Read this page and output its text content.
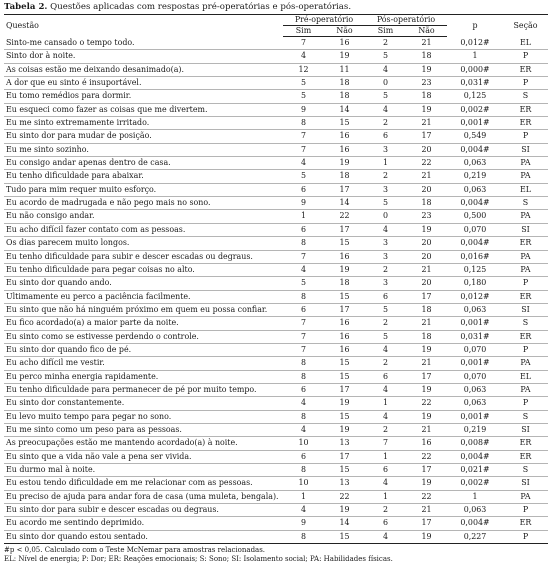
Tabela 2. Questões aplicadas com respostas pré-operatórias e pós-operatórias.
Questão	Pré-operatório		Pós-operatório		p	Seção
	Sim	Não	Sim	Não		
Sinto-me cansado o tempo todo.	7	16	2	21	0,012#	EL
Sinto dor à noite.	4	19	5	18	1	P
As coisas estão me deixando desanimado(a).	12	11	4	19	0,000#	ER
A dor que eu sinto é insuportável.	5	18	0	23	0,031#	P
Eu tomo remédios para dormir.	5	18	5	18	0,125	S
Eu esqueci como fazer as coisas que me divertem.	9	14	4	19	0,002#	ER
Eu me sinto extremamente irritado.	8	15	2	21	0,001#	ER
Eu sinto dor para mudar de posição.	7	16	6	17	0,549	P
Eu me sinto sozinho.	7	16	3	20	0,004#	SI
Eu consigo andar apenas dentro de casa.	4	19	1	22	0,063	PA
Eu tenho dificuldade para abaixar.	5	18	2	21	0,219	PA
Tudo para mim requer muito esforço.	6	17	3	20	0,063	EL
Eu acordo de madrugada e não pego mais no sono.	9	14	5	18	0,004#	S
Eu não consigo andar.	1	22	0	23	0,500	PA
Eu acho difícil fazer contato com as pessoas.	6	17	4	19	0,070	SI
Os dias parecem muito longos.	8	15	3	20	0,004#	ER
Eu tenho dificuldade para subir e descer escadas ou degraus.	7	16	3	20	0,016#	PA
Eu tenho dificuldade para pegar coisas no alto.	4	19	2	21	0,125	PA
Eu sinto dor quando ando.	5	18	3	20	0,180	P
Ultimamente eu perco a paciência facilmente.	8	15	6	17	0,012#	ER
Eu sinto que não há ninguém próximo em quem eu possa confiar.	6	17	5	18	0,063	SI
Eu fico acordado(a) a maior parte da noite.	7	16	2	21	0,001#	S
Eu sinto como se estivesse perdendo o controle.	7	16	5	18	0,031#	ER
Eu sinto dor quando fico de pé.	7	16	4	19	0,070	P
Eu acho difícil me vestir.	8	15	2	21	0,001#	PA
Eu perco minha energia rapidamente.	8	15	6	17	0,070	EL
Eu tenho dificuldade para permanecer de pé por muito tempo.	6	17	4	19	0,063	PA
Eu sinto dor constantemente.	4	19	1	22	0,063	P
Eu levo muito tempo para pegar no sono.	8	15	4	19	0,001#	S
Eu me sinto como um peso para as pessoas.	4	19	2	21	0,219	SI
As preocupações estão me mantendo acordado(a) à noite.	10	13	7	16	0,008#	ER
Eu sinto que a vida não vale a pena ser vivida.	6	17	1	22	0,004#	ER
Eu durmo mal à noite.	8	15	6	17	0,021#	S
Eu estou tendo dificuldade em me relacionar com as pessoas.	10	13	4	19	0,002#	SI
Eu preciso de ajuda para andar fora de casa (uma muleta, bengala).	1	22	1	22	1	PA
Eu sinto dor para subir e descer escadas ou degraus.	4	19	2	21	0,063	P
Eu acordo me sentindo deprimido.	9	14	6	17	0,004#	ER
Eu sinto dor quando estou sentado.	8	15	4	19	0,227	P
#p < 0,05. Calculado com o Teste McNemar para amostras relacionadas.
EL: Nível de energia; P: Dor; ER: Reações emocionais; S: Sono; SI: Isolamento social; PA: Habilidades físicas.
